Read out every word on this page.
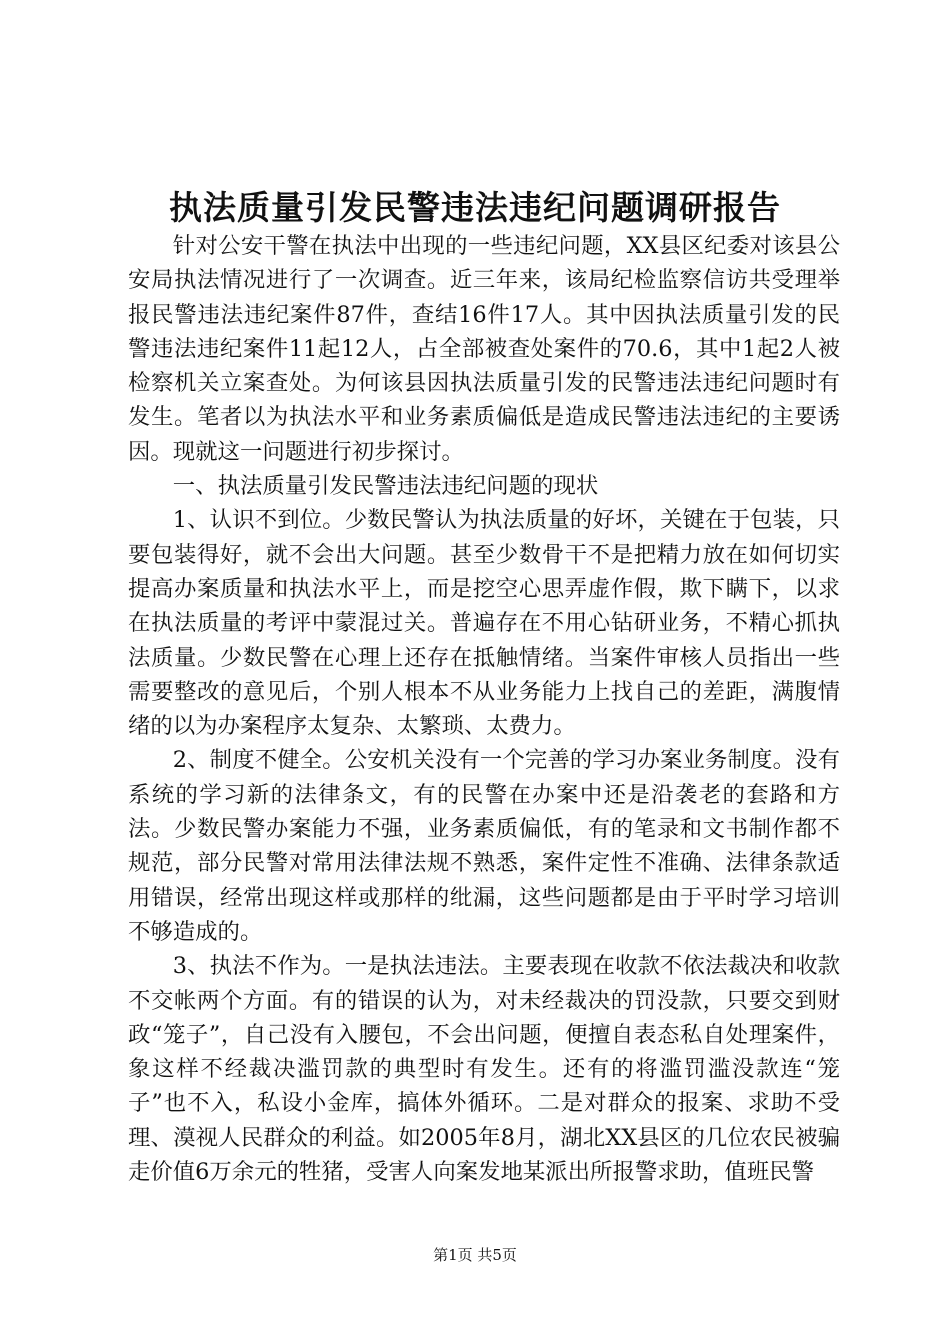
执法质量引发民警违法违纪问题调研报告

针对公安干警在执法中出现的一些违纪问题，XX县区纪委对该县公安局执法情况进行了一次调查。近三年来，该局纪检监察信访共受理举报民警违法违纪案件87件，查结16件17人。其中因执法质量引发的民警违法违纪案件11起12人，占全部被查处案件的70.6，其中1起2人被检察机关立案查处。为何该县因执法质量引发的民警违法违纪问题时有发生。笔者以为执法水平和业务素质偏低是造成民警违法违纪的主要诱因。现就这一问题进行初步探讨。

一、执法质量引发民警违法违纪问题的现状

1、认识不到位。少数民警认为执法质量的好坏，关键在于包装，只要包装得好，就不会出大问题。甚至少数骨干不是把精力放在如何切实提高办案质量和执法水平上，而是挖空心思弄虚作假，欺下瞒下，以求在执法质量的考评中蒙混过关。普遍存在不用心钻研业务，不精心抓执法质量。少数民警在心理上还存在抵触情绪。当案件审核人员指出一些需要整改的意见后，个别人根本不从业务能力上找自己的差距，满腹情绪的以为办案程序太复杂、太繁琐、太费力。

2、制度不健全。公安机关没有一个完善的学习办案业务制度。没有系统的学习新的法律条文，有的民警在办案中还是沿袭老的套路和方法。少数民警办案能力不强，业务素质偏低，有的笔录和文书制作都不规范，部分民警对常用法律法规不熟悉，案件定性不准确、法律条款适用错误，经常出现这样或那样的纰漏，这些问题都是由于平时学习培训不够造成的。

3、执法不作为。一是执法违法。主要表现在收款不依法裁决和收款不交帐两个方面。有的错误的认为，对未经裁决的罚没款，只要交到财政“笼子”，自己没有入腰包，不会出问题，便擅自表态私自处理案件，象这样不经裁决滥罚款的典型时有发生。还有的将滥罚滥没款连“笼子”也不入，私设小金库，搞体外循环。二是对群众的报案、求助不受理、漠视人民群众的利益。如2005年8月，湖北XX县区的几位农民被骗走价值6万余元的牲猪，受害人向案发地某派出所报警求助，值班民警

第1页 共5页
